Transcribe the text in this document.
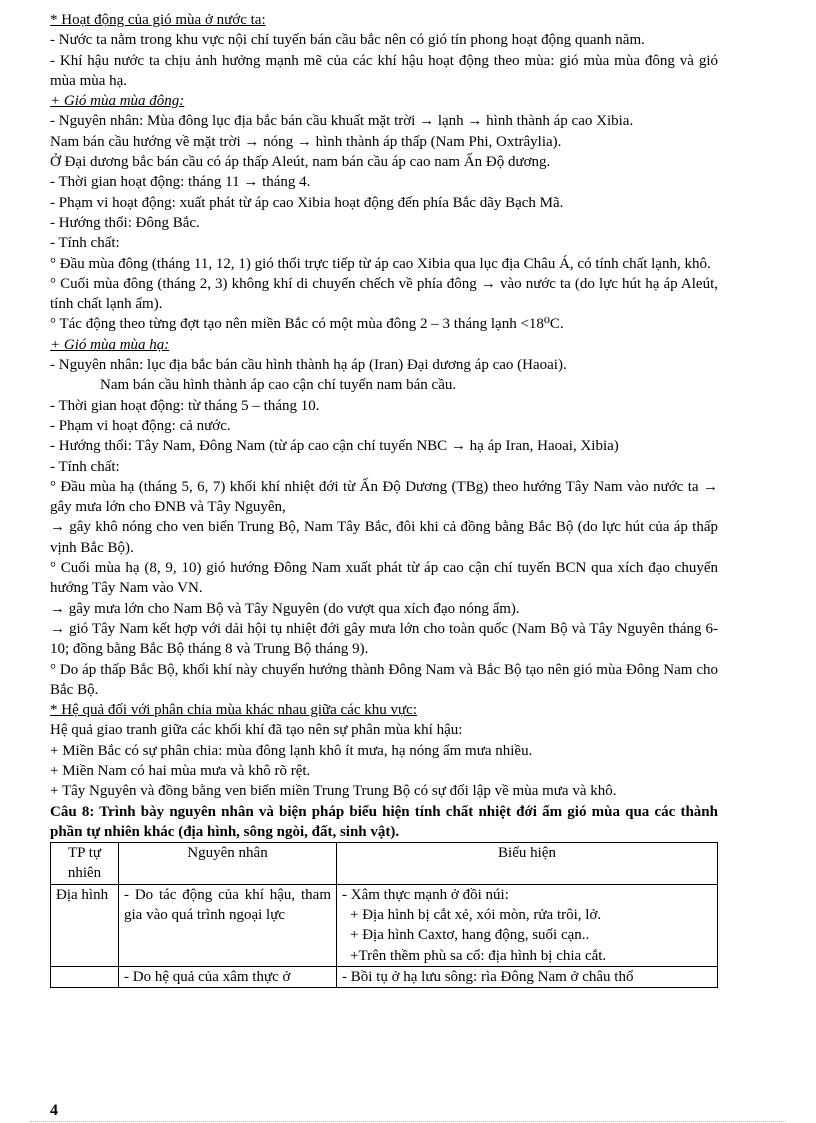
* Hoạt động của gió mùa ở nước ta:
- Nước ta nằm trong khu vực nội chí tuyến bán cầu bắc nên có gió tín phong hoạt động quanh năm.
- Khí hậu nước ta chịu ảnh hưởng mạnh mẽ của các khí hậu hoạt động theo mùa: gió mùa mùa đông và gió mùa mùa hạ.
+ Gió mùa mùa đông:
- Nguyên nhân: Mùa đông lục địa bắc bán cầu khuất mặt trời → lạnh → hình thành áp cao Xibia.
Nam bán cầu hướng về mặt trời → nóng → hình thành áp thấp (Nam Phi, Oxtrâylia).
Ở Đại dương bắc bán cầu có áp thấp Aleút, nam bán cầu áp cao nam Ấn Độ dương.
- Thời gian hoạt động: tháng 11 → tháng 4.
- Phạm vi hoạt động: xuất phát từ áp cao Xibia hoạt động đến phía Bắc dãy Bạch Mã.
- Hướng thổi: Đông Bắc.
- Tính chất:
° Đầu mùa đông (tháng 11, 12, 1) gió thổi trực tiếp từ áp cao Xibia qua lục địa Châu Á, có tính chất lạnh, khô.
° Cuối mùa đông (tháng 2, 3) không khí di chuyển chếch về phía đông → vào nước ta (do lực hút hạ áp Aleút, tính chất lạnh ẩm).
° Tác động theo từng đợt tạo nên miền Bắc có một mùa đông 2 – 3 tháng lạnh <18⁰C.
+ Gió mùa mùa hạ:
- Nguyên nhân: lục địa bắc bán cầu hình thành hạ áp (Iran) Đại dương áp cao (Haoai).
Nam bán cầu hình thành áp cao cận chí tuyến nam bán cầu.
- Thời gian hoạt động: từ tháng 5 – tháng 10.
- Phạm vi hoạt động: cả nước.
- Hướng thổi: Tây Nam, Đông Nam (từ áp cao cận chí tuyến NBC → hạ áp Iran, Haoai, Xibia)
- Tính chất:
° Đầu mùa hạ (tháng 5, 6, 7) khối khí nhiệt đới từ Ấn Độ Dương (TBg) theo hướng Tây Nam vào nước ta → gây mưa lớn cho ĐNB và Tây Nguyên,
→ gây khô nóng cho ven biển Trung Bộ, Nam Tây Bắc, đôi khi cả đồng bằng Bắc Bộ (do lực hút của áp thấp vịnh Bắc Bộ).
° Cuối mùa hạ (8, 9, 10) gió hướng Đông Nam xuất phát từ áp cao cận chí tuyến BCN qua xích đạo chuyển hướng Tây Nam vào VN.
→ gây mưa lớn cho Nam Bộ và Tây Nguyên (do vượt qua xích đạo nóng ẩm).
→ gió Tây Nam kết hợp với dải hội tụ nhiệt đới gây mưa lớn cho toàn quốc (Nam Bộ và Tây Nguyên tháng 6-10; đồng bằng Bắc Bộ tháng 8 và Trung Bộ tháng 9).
° Do áp thấp Bắc Bộ, khối khí này chuyển hướng thành Đông Nam và Bắc Bộ tạo nên gió mùa Đông Nam cho Bắc Bộ.
* Hệ quả đối với phân chia mùa khác nhau giữa các khu vực:
Hệ quả giao tranh giữa các khối khí đã tạo nên sự phân mùa khí hậu:
+ Miền Bắc có sự phân chia: mùa đông lạnh khô ít mưa, hạ nóng ẩm mưa nhiều.
+ Miền Nam có hai mùa mưa và khô rõ rệt.
+ Tây Nguyên và đồng bằng ven biển miền Trung Trung Bộ có sự đối lập về mùa mưa và khô.
Câu 8: Trình bày nguyên nhân và biện pháp biểu hiện tính chất nhiệt đới ẩm gió mùa qua các thành phần tự nhiên khác (địa hình, sông ngòi, đất, sinh vật).
TP tự nhiên	Nguyên nhân	Biểu hiện
Địa hình	- Do tác động của khí hậu, tham gia vào quá trình ngoại lực	- Xâm thực mạnh ở đồi núi:
+ Địa hình bị cắt xẻ, xói mòn, rửa trôi, lở.
+ Địa hình Caxtơ, hang động, suối cạn..
+Trên thềm phù sa cổ: địa hình bị chia cắt.

	- Do hệ quả của xâm thực ở	- Bồi tụ ở hạ lưu sông: rìa Đông Nam ở châu thổ
4
